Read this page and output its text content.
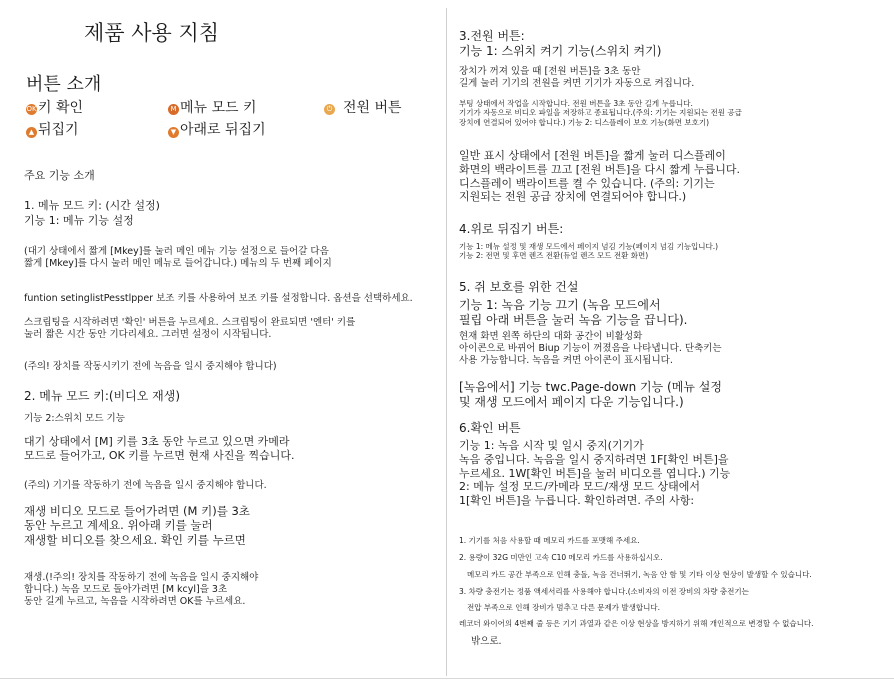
제품 사용 지침

버튼 소개

OK 키 확인	M 메뉴 모드 키	⏻ 전원 버튼

▲ 뒤집기	▼ 아래로 뒤집기

주요 기능 소개

1. 메뉴 모드 키: (시간 설정)

기능 1: 메뉴 기능 설정

(대기 상태에서 짧게 [Mkey]를 눌러 메인 메뉴 기능 설정으로 들어갈 다음
짧게 [Mkey]를 다시 눌러 메인 메뉴로 들어갑니다.) 메뉴의 두 번째 페이지

funtion setinglistPesstlpper 보조 키를 사용하여 보조 키를 설정합니다. 옵션을 선택하세요.

스크립팅을 시작하려면 '확인' 버튼을 누르세요. 스크립팅이 완료되면 '엔터' 키를
눌러 짧은 시간 동안 기다리세요. 그러면 설정이 시작됩니다.

(주의! 장치를 작동시키기 전에 녹음을 일시 중지해야 합니다)

2. 메뉴 모드 키:(비디오 재생)

기능 2:스위치 모드 기능

대기 상태에서 [M] 키를 3초 동안 누르고 있으면 카메라
모드로 들어가고, OK 키를 누르면 현재 사진을 찍습니다.

(주의) 기기를 작동하기 전에 녹음을 일시 중지해야 합니다.

재생 비디오 모드로 들어가려면 (M 키)를 3초
동안 누르고 계세요. 위아래 키를 눌러
재생할 비디오를 찾으세요. 확인 키를 누르면

재생.(!주의! 장치를 작동하기 전에 녹음을 일시 중지해야
합니다.) 녹음 모드로 돌아가려면 [M kcyl]을 3초
동안 길게 누르고, 녹음을 시작하려면 OK를 누르세요.

3.전원 버튼:

기능 1: 스위치 켜기 기능(스위치 켜기)

장치가 꺼져 있을 때 [전원 버튼]을 3초 동안
길게 눌러 기기의 전원을 켜면 기기가 자동으로 켜집니다.

부팅 상태에서 작업을 시작합니다. 전원 버튼을 3초 동안 길게 누릅니다.
기기가 자동으로 비디오 파일을 저장하고 종료됩니다.(주의: 기기는 지원되는 전원 공급
장치에 연결되어 있어야 합니다.) 기능 2: 디스플레이 보호 기능(화면 보호기)

일반 표시 상태에서 [전원 버튼]을 짧게 눌러 디스플레이
화면의 백라이트를 끄고 [전원 버튼]을 다시 짧게 누릅니다.
디스플레이 백라이트를 켤 수 있습니다. (주의: 기기는
지원되는 전원 공급 장치에 연결되어야 합니다.)

4.위로 뒤집기 버튼:

기능 1: 메뉴 설정 및 재생 모드에서 페이지 넘김 기능(페이지 넘김 기능입니다.)
기능 2: 전면 및 후면 렌즈 전환(듀얼 렌즈 모드 전환 화면)

5. 쥐 보호를 위한 건설

기능 1: 녹음 기능 끄기 (녹음 모드에서
필립 아래 버튼을 눌러 녹음 기능을 끕니다).

현재 화면 왼쪽 하단의 대화 공간이 비활성화
아이콘으로 바뀌어 Biup 기능이 꺼졌음을 나타냅니다. 단축키는
사용 가능합니다. 녹음을 켜면 아이콘이 표시됩니다.

[녹음에서] 기능 twc.Page-down 기능 (메뉴 설정
및 재생 모드에서 페이지 다운 기능입니다.)

6.확인 버튼

기능 1: 녹음 시작 및 일시 중지(기기가
녹음 중입니다. 녹음을 일시 중지하려면 1F[확인 버튼]을
누르세요. 1W[확인 버튼]을 눌러 비디오를 엽니다.) 기능
2: 메뉴 설정 모드/카메라 모드/재생 모드 상태에서
1[확인 버튼]을 누릅니다. 확인하려면. 주의 사항:

1. 기기를 처음 사용할 때 메모리 카드를 포맷해 주세요.

2. 용량이 32G 미만인 고속 C10 메모리 카드를 사용하십시오.

메모리 카드 공간 부족으로 인해 충돌, 녹음 건너뛰기, 녹음 안 함 및 기타 이상 현상이 발생할 수 있습니다.

3. 차량 충전기는 정품 액세서리를 사용해야 합니다.(소비자의 이전 장비의 차량 충전기는

전압 부족으로 인해 장비가 멈추고 다른 문제가 발생합니다.

레코더 와이어의 4번째 줄 등은 기기 과열과 같은 이상 현상을 방지하기 위해 개인적으로 변경할 수 없습니다.

밖으로.
